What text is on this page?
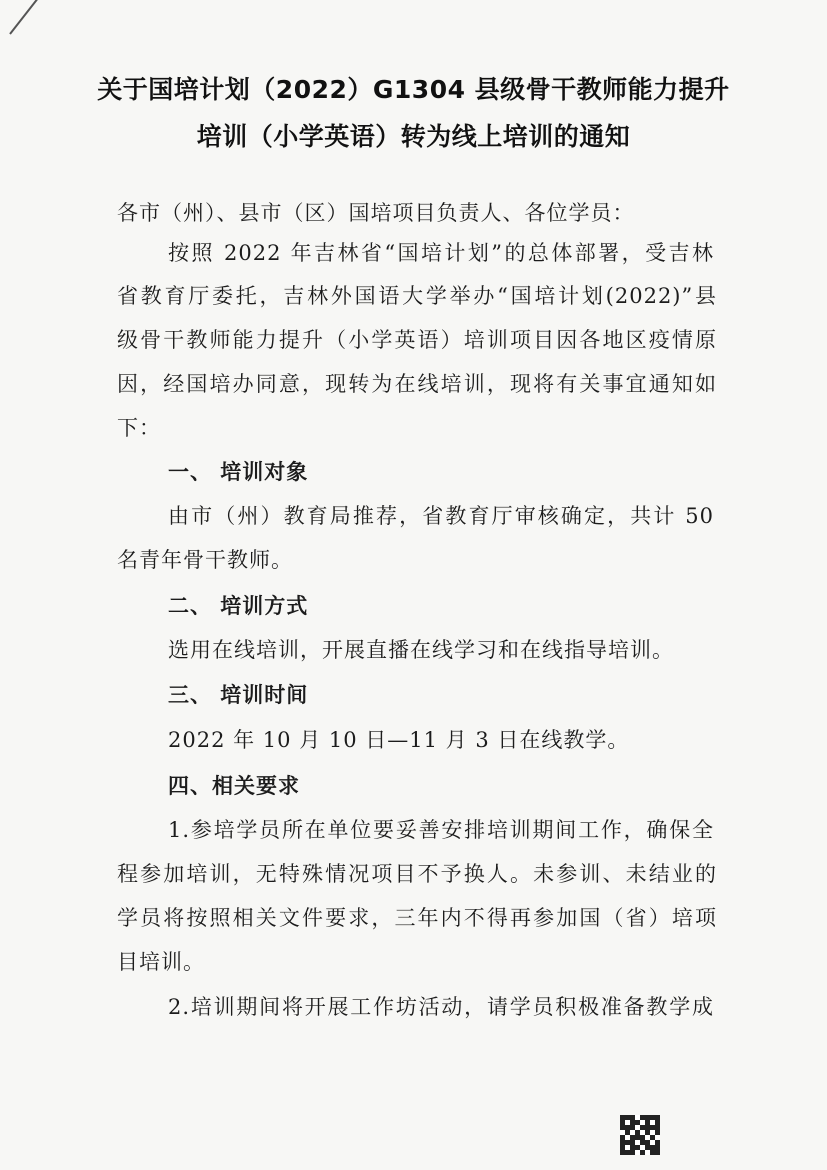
关于国培计划（2022）G1304 县级骨干教师能力提升
培训（小学英语）转为线上培训的通知
各市（州）、县市（区）国培项目负责人、各位学员：
按照 2022 年吉林省“国培计划”的总体部署，受吉林
省教育厅委托，吉林外国语大学举办“国培计划(2022)”县
级骨干教师能力提升（小学英语）培训项目因各地区疫情原
因，经国培办同意，现转为在线培训，现将有关事宜通知如
下：
一、 培训对象
由市（州）教育局推荐，省教育厅审核确定，共计 50
名青年骨干教师。
二、 培训方式
选用在线培训，开展直播在线学习和在线指导培训。
三、 培训时间
2022 年 10 月 10 日—11 月 3 日在线教学。
四、相关要求
1.参培学员所在单位要妥善安排培训期间工作，确保全
程参加培训，无特殊情况项目不予换人。未参训、未结业的
学员将按照相关文件要求，三年内不得再参加国（省）培项
目培训。
2.培训期间将开展工作坊活动，请学员积极准备教学成
